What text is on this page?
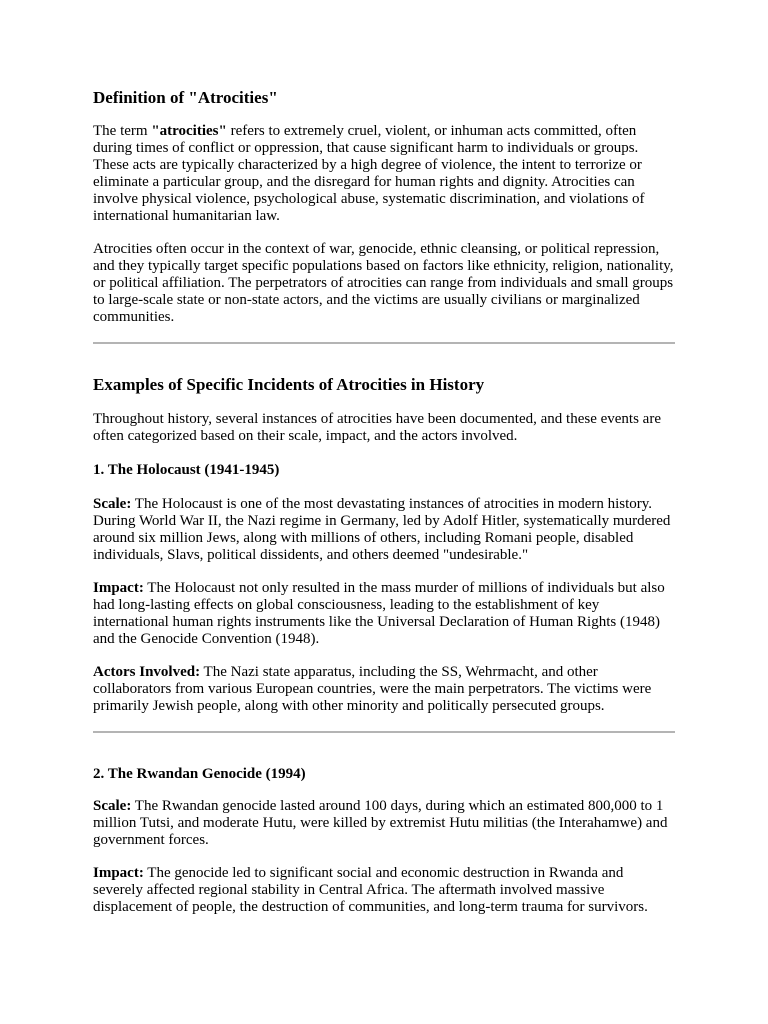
Definition of "Atrocities"

The term "atrocities" refers to extremely cruel, violent, or inhuman acts committed, often during times of conflict or oppression, that cause significant harm to individuals or groups. These acts are typically characterized by a high degree of violence, the intent to terrorize or eliminate a particular group, and the disregard for human rights and dignity. Atrocities can involve physical violence, psychological abuse, systematic discrimination, and violations of international humanitarian law.

Atrocities often occur in the context of war, genocide, ethnic cleansing, or political repression, and they typically target specific populations based on factors like ethnicity, religion, nationality, or political affiliation. The perpetrators of atrocities can range from individuals and small groups to large-scale state or non-state actors, and the victims are usually civilians or marginalized communities.

Examples of Specific Incidents of Atrocities in History

Throughout history, several instances of atrocities have been documented, and these events are often categorized based on their scale, impact, and the actors involved.

1. The Holocaust (1941-1945)

Scale: The Holocaust is one of the most devastating instances of atrocities in modern history. During World War II, the Nazi regime in Germany, led by Adolf Hitler, systematically murdered around six million Jews, along with millions of others, including Romani people, disabled individuals, Slavs, political dissidents, and others deemed "undesirable."

Impact: The Holocaust not only resulted in the mass murder of millions of individuals but also had long-lasting effects on global consciousness, leading to the establishment of key international human rights instruments like the Universal Declaration of Human Rights (1948) and the Genocide Convention (1948).

Actors Involved: The Nazi state apparatus, including the SS, Wehrmacht, and other collaborators from various European countries, were the main perpetrators. The victims were primarily Jewish people, along with other minority and politically persecuted groups.

2. The Rwandan Genocide (1994)

Scale: The Rwandan genocide lasted around 100 days, during which an estimated 800,000 to 1 million Tutsi, and moderate Hutu, were killed by extremist Hutu militias (the Interahamwe) and government forces.

Impact: The genocide led to significant social and economic destruction in Rwanda and severely affected regional stability in Central Africa. The aftermath involved massive displacement of people, the destruction of communities, and long-term trauma for survivors.
